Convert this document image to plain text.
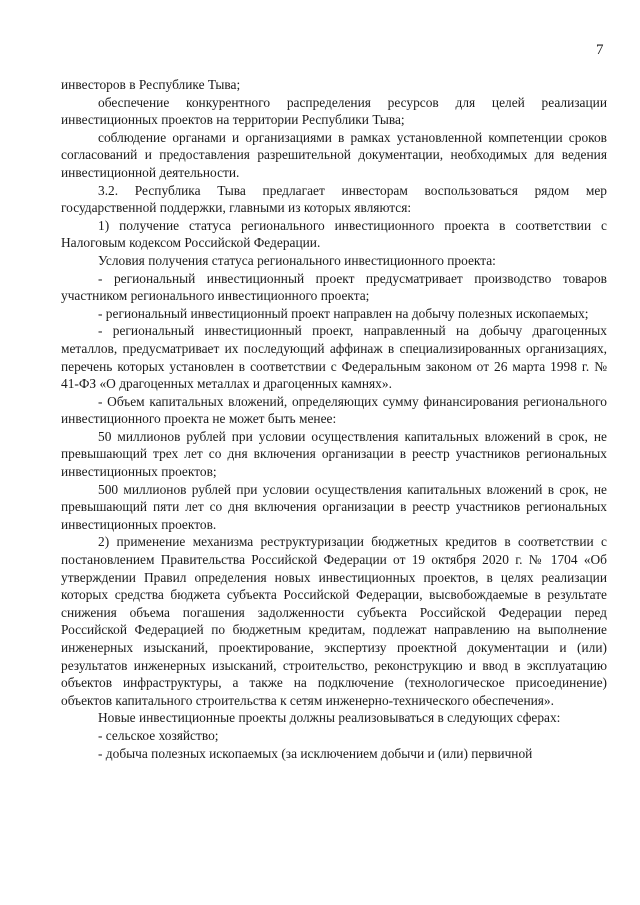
7

инвесторов в Республике Тыва;

обеспечение конкурентного распределения ресурсов для целей реализации инвестиционных проектов на территории Республики Тыва;

соблюдение органами и организациями в рамках установленной компетенции сроков согласований и предоставления разрешительной документации, необходимых для ведения инвестиционной деятельности.

3.2. Республика Тыва предлагает инвесторам воспользоваться рядом мер государственной поддержки, главными из которых являются:

1) получение статуса регионального инвестиционного проекта в соответствии с Налоговым кодексом Российской Федерации.

Условия получения статуса регионального инвестиционного проекта:

- региональный инвестиционный проект предусматривает производство товаров участником регионального инвестиционного проекта;

- региональный инвестиционный проект направлен на добычу полезных ископаемых;

- региональный инвестиционный проект, направленный на добычу драгоценных металлов, предусматривает их последующий аффинаж в специализированных организациях, перечень которых установлен в соответствии с Федеральным законом от 26 марта 1998 г. № 41-ФЗ «О драгоценных металлах и драгоценных камнях».

- Объем капитальных вложений, определяющих сумму финансирования регионального инвестиционного проекта не может быть менее:

50 миллионов рублей при условии осуществления капитальных вложений в срок, не превышающий трех лет со дня включения организации в реестр участников региональных инвестиционных проектов;

500 миллионов рублей при условии осуществления капитальных вложений в срок, не превышающий пяти лет со дня включения организации в реестр участников региональных инвестиционных проектов.

2) применение механизма реструктуризации бюджетных кредитов в соответствии с постановлением Правительства Российской Федерации от 19 октября 2020 г. № 1704 «Об утверждении Правил определения новых инвестиционных проектов, в целях реализации которых средства бюджета субъекта Российской Федерации, высвобождаемые в результате снижения объема погашения задолженности субъекта Российской Федерации перед Российской Федерацией по бюджетным кредитам, подлежат направлению на выполнение инженерных изысканий, проектирование, экспертизу проектной документации и (или) результатов инженерных изысканий, строительство, реконструкцию и ввод в эксплуатацию объектов инфраструктуры, а также на подключение (технологическое присоединение) объектов капитального строительства к сетям инженерно-технического обеспечения».

Новые инвестиционные проекты должны реализовываться в следующих сферах:

- сельское хозяйство;

- добыча полезных ископаемых (за исключением добычи и (или) первичной
